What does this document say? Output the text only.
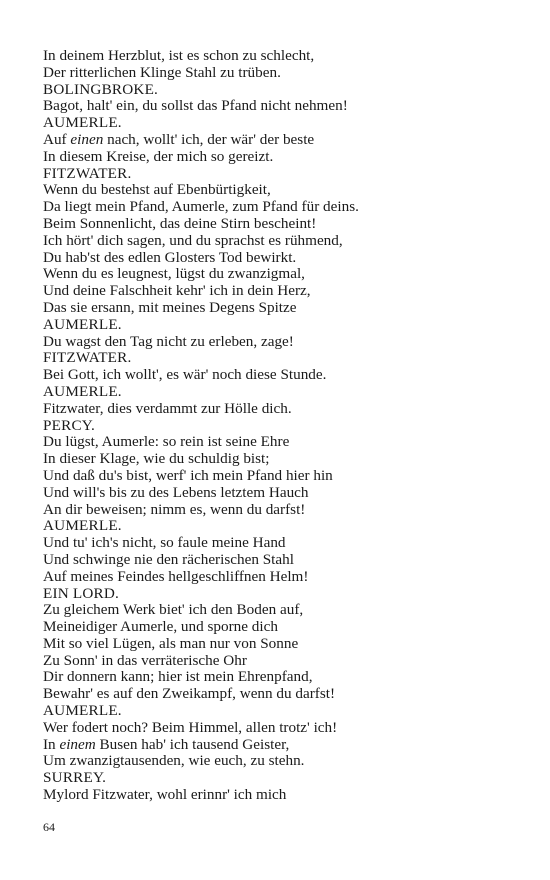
In deinem Herzblut, ist es schon zu schlecht,
Der ritterlichen Klinge Stahl zu trüben.
BOLINGBROKE.
Bagot, halt' ein, du sollst das Pfand nicht nehmen!
AUMERLE.
Auf einen nach, wollt' ich, der wär' der beste
In diesem Kreise, der mich so gereizt.
FITZWATER.
Wenn du bestehst auf Ebenbürtigkeit,
Da liegt mein Pfand, Aumerle, zum Pfand für deins.
Beim Sonnenlicht, das deine Stirn bescheint!
Ich hört' dich sagen, und du sprachst es rühmend,
Du hab'st des edlen Glosters Tod bewirkt.
Wenn du es leugnest, lügst du zwanzigmal,
Und deine Falschheit kehr' ich in dein Herz,
Das sie ersann, mit meines Degens Spitze
AUMERLE.
Du wagst den Tag nicht zu erleben, zage!
FITZWATER.
Bei Gott, ich wollt', es wär' noch diese Stunde.
AUMERLE.
Fitzwater, dies verdammt zur Hölle dich.
PERCY.
Du lügst, Aumerle: so rein ist seine Ehre
In dieser Klage, wie du schuldig bist;
Und daß du's bist, werf' ich mein Pfand hier hin
Und will's bis zu des Lebens letztem Hauch
An dir beweisen; nimm es, wenn du darfst!
AUMERLE.
Und tu' ich's nicht, so faule meine Hand
Und schwinge nie den rächerischen Stahl
Auf meines Feindes hellgeschliffnen Helm!
EIN LORD.
Zu gleichem Werk biet' ich den Boden auf,
Meineidiger Aumerle, und sporne dich
Mit so viel Lügen, als man nur von Sonne
Zu Sonn' in das verräterische Ohr
Dir donnern kann; hier ist mein Ehrenpfand,
Bewahr' es auf den Zweikampf, wenn du darfst!
AUMERLE.
Wer fodert noch? Beim Himmel, allen trotz' ich!
In einem Busen hab' ich tausend Geister,
Um zwanzigtausenden, wie euch, zu stehn.
SURREY.
Mylord Fitzwater, wohl erinnr' ich mich
64
